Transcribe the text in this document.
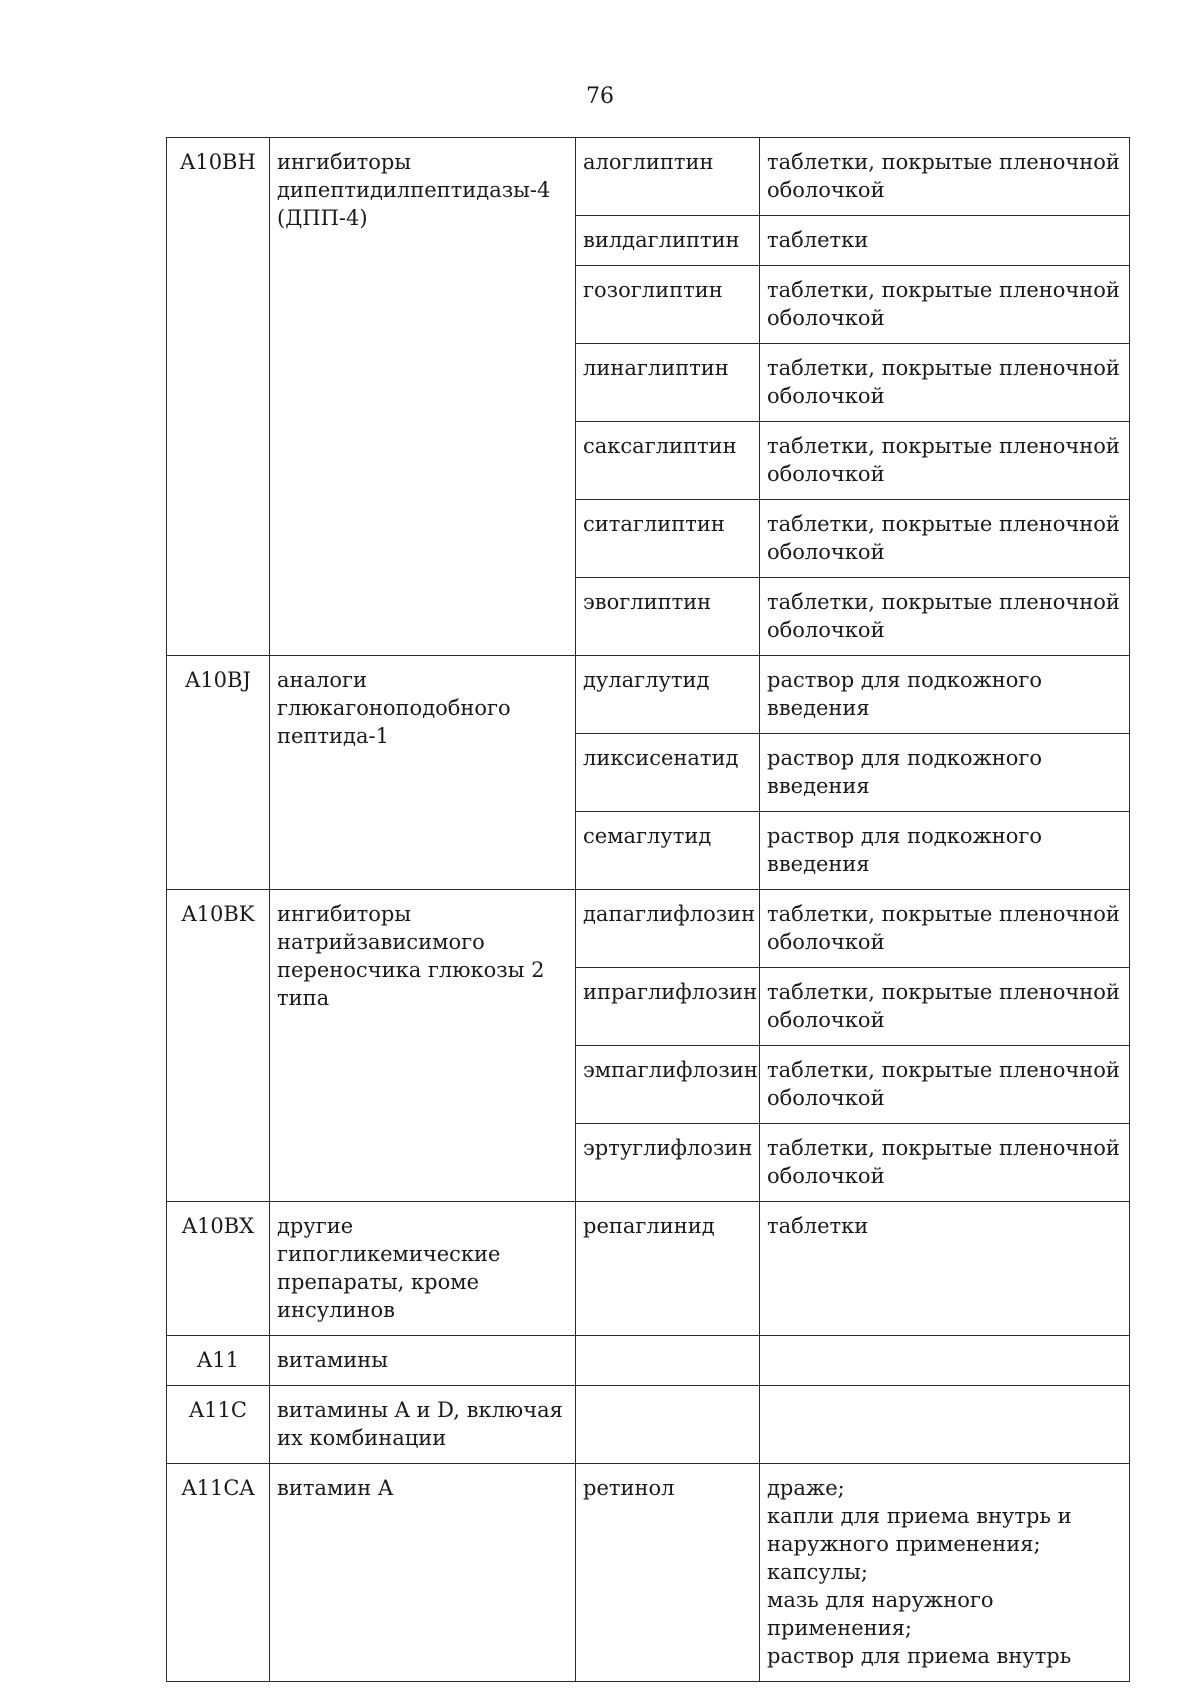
76
A10BH	ингибиторы дипептидилпептидазы-4 (ДПП-4)	алоглиптин	таблетки, покрытые пленочной оболочкой

		вилдаглиптин	таблетки

		гозоглиптин	таблетки, покрытые пленочной оболочкой

		линаглиптин	таблетки, покрытые пленочной оболочкой

		саксаглиптин	таблетки, покрытые пленочной оболочкой

		ситаглиптин	таблетки, покрытые пленочной оболочкой

		эвоглиптин	таблетки, покрытые пленочной оболочкой

A10BJ	аналоги глюкагоноподобного пептида-1	дулаглутид	раствор для подкожного введения

		ликсисенатид	раствор для подкожного введения

		семаглутид	раствор для подкожного введения

A10BK	ингибиторы натрийзависимого переносчика глюкозы 2 типа	дапаглифлозин	таблетки, покрытые пленочной оболочкой

		ипраглифлозин	таблетки, покрытые пленочной оболочкой

		эмпаглифлозин	таблетки, покрытые пленочной оболочкой

		эртуглифлозин	таблетки, покрытые пленочной оболочкой

A10BX	другие гипогликемические препараты, кроме инсулинов	репаглинид	таблетки

A11	витамины		
A11C	витамины A и D, включая их комбинации		
A11CA	витамин A	ретинол	драже;
капли для приема внутрь и наружного применения;
капсулы;
мазь для наружного применения;
раствор для приема внутрь
